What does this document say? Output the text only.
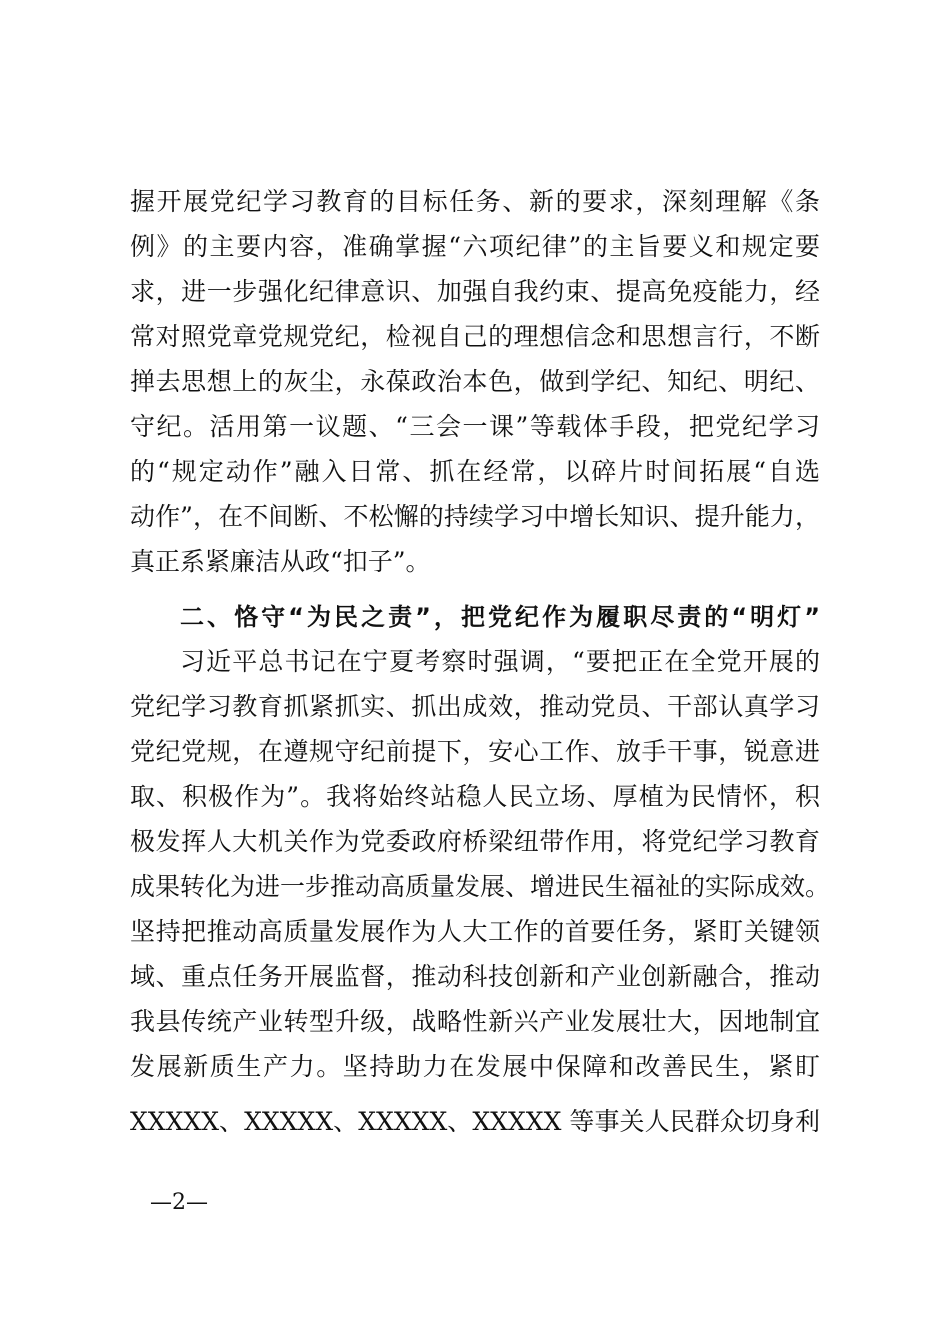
握开展党纪学习教育的目标任务、新的要求，深刻理解《条
例》的主要内容，准确掌握“六项纪律”的主旨要义和规定要
求，进一步强化纪律意识、加强自我约束、提高免疫能力，经
常对照党章党规党纪，检视自己的理想信念和思想言行，不断
掸去思想上的灰尘，永葆政治本色，做到学纪、知纪、明纪、
守纪。活用第一议题、“三会一课”等载体手段，把党纪学习
的“规定动作”融入日常、抓在经常，以碎片时间拓展“自选
动作”，在不间断、不松懈的持续学习中增长知识、提升能力，
真正系紧廉洁从政“扣子”。
二、恪守“为民之责”，把党纪作为履职尽责的“明灯”
习近平总书记在宁夏考察时强调，“要把正在全党开展的
党纪学习教育抓紧抓实、抓出成效，推动党员、干部认真学习
党纪党规，在遵规守纪前提下，安心工作、放手干事，锐意进
取、积极作为”。我将始终站稳人民立场、厚植为民情怀，积
极发挥人大机关作为党委政府桥梁纽带作用，将党纪学习教育
成果转化为进一步推动高质量发展、增进民生福祉的实际成效。
坚持把推动高质量发展作为人大工作的首要任务，紧盯关键领
域、重点任务开展监督，推动科技创新和产业创新融合，推动
我县传统产业转型升级，战略性新兴产业发展壮大，因地制宜
发展新质生产力。坚持助力在发展中保障和改善民生，紧盯
XXXXX、XXXXX、XXXXX、XXXXX 等事关人民群众切身利
—2—
